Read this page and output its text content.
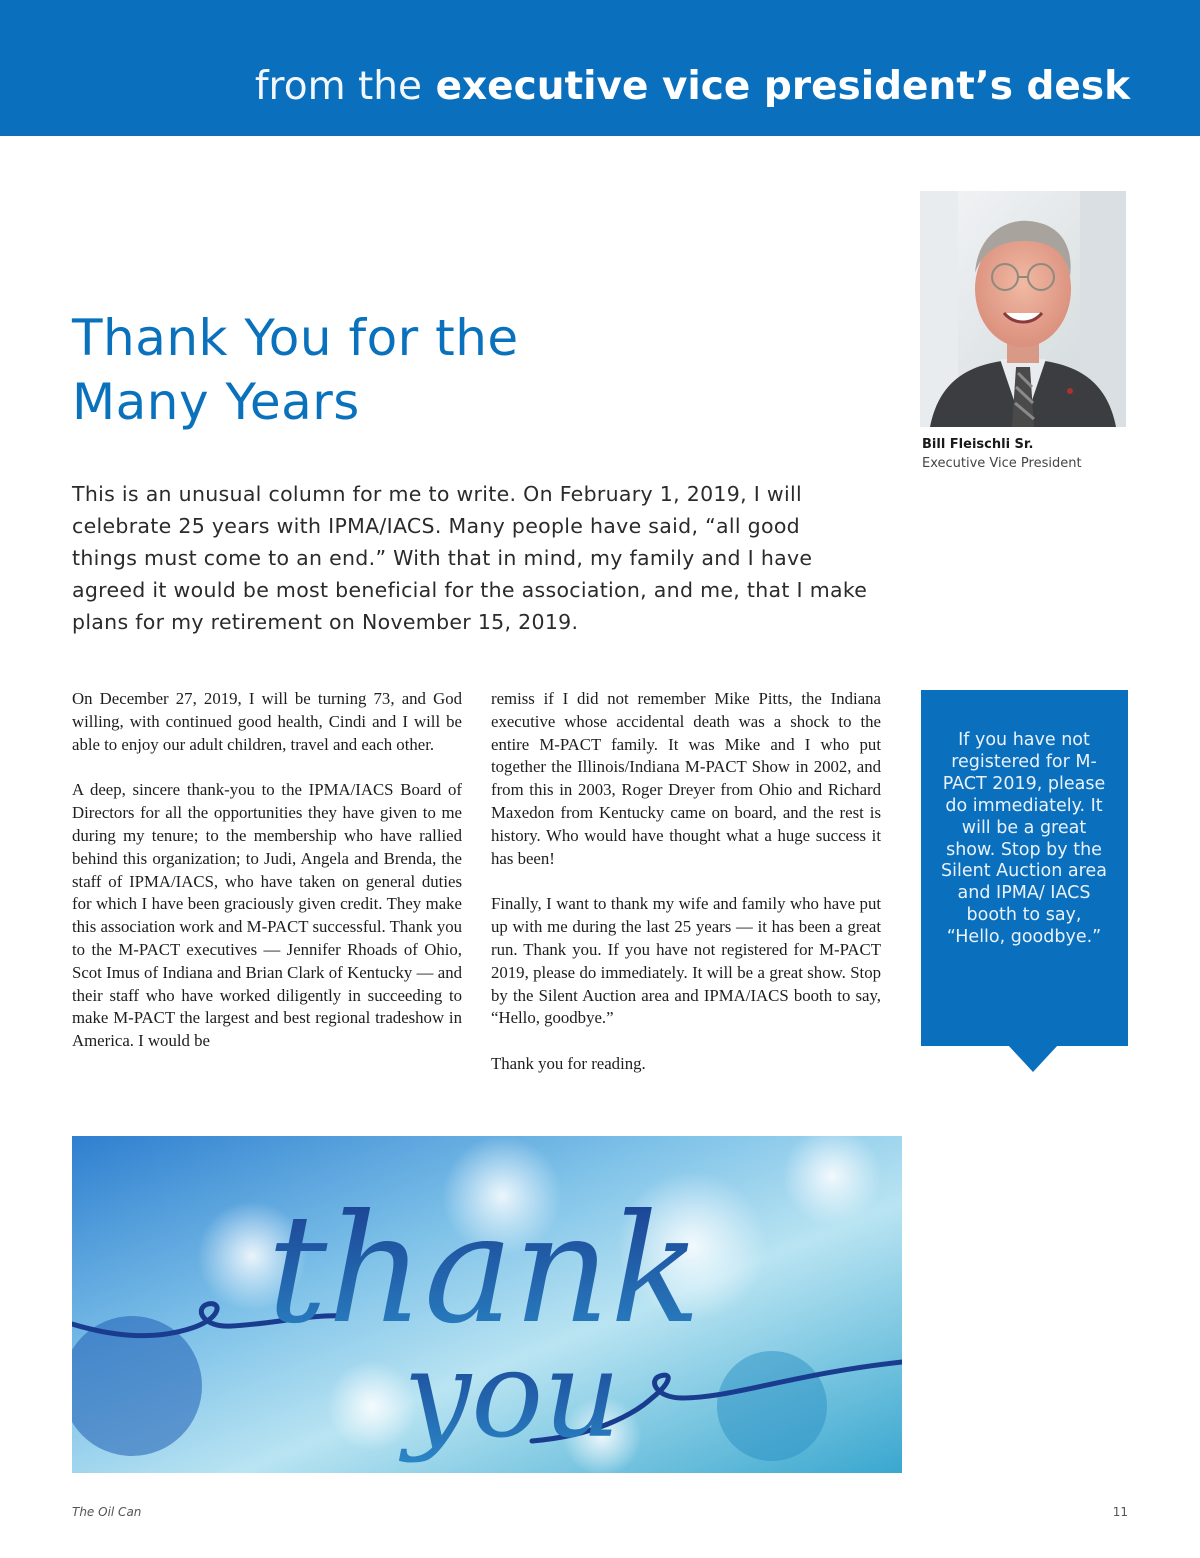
from the executive vice president’s desk

Bill Fleischli Sr.

Executive Vice President

Thank You for the Many Years

This is an unusual column for me to write. On February 1, 2019, I will celebrate 25 years with IPMA/IACS. Many people have said, “all good things must come to an end.” With that in mind, my family and I have agreed it would be most beneficial for the association, and me, that I make plans for my retirement on November 15, 2019.

On December 27, 2019, I will be turning 73, and God willing, with continued good health, Cindi and I will be able to enjoy our adult children, travel and each other.

A deep, sincere thank-you to the IPMA/IACS Board of Directors for all the opportunities they have given to me during my tenure; to the membership who have rallied behind this organization; to Judi, Angela and Brenda, the staff of IPMA/IACS, who have taken on general duties for which I have been graciously given credit. They make this association work and M-PACT successful. Thank you to the M-PACT executives — Jennifer Rhoads of Ohio, Scot Imus of Indiana and Brian Clark of Kentucky — and their staff who have worked diligently in succeeding to make M-PACT the largest and best regional tradeshow in America. I would be

remiss if I did not remember Mike Pitts, the Indiana executive whose accidental death was a shock to the entire M-PACT family. It was Mike and I who put together the Illinois/Indiana M-PACT Show in 2002, and from this in 2003, Roger Dreyer from Ohio and Richard Maxedon from Kentucky came on board, and the rest is history. Who would have thought what a huge success it has been!

Finally, I want to thank my wife and family who have put up with me during the last 25 years — it has been a great run. Thank you. If you have not registered for M-PACT 2019, please do immediately. It will be a great show. Stop by the Silent Auction area and IPMA/IACS booth to say, “Hello, goodbye.”

Thank you for reading.

If you have not registered for M-PACT 2019, please do immediately. It will be a great show. Stop by the Silent Auction area and IPMA/ IACS booth to say, “Hello, goodbye.”

thank
you

The Oil Can	11
